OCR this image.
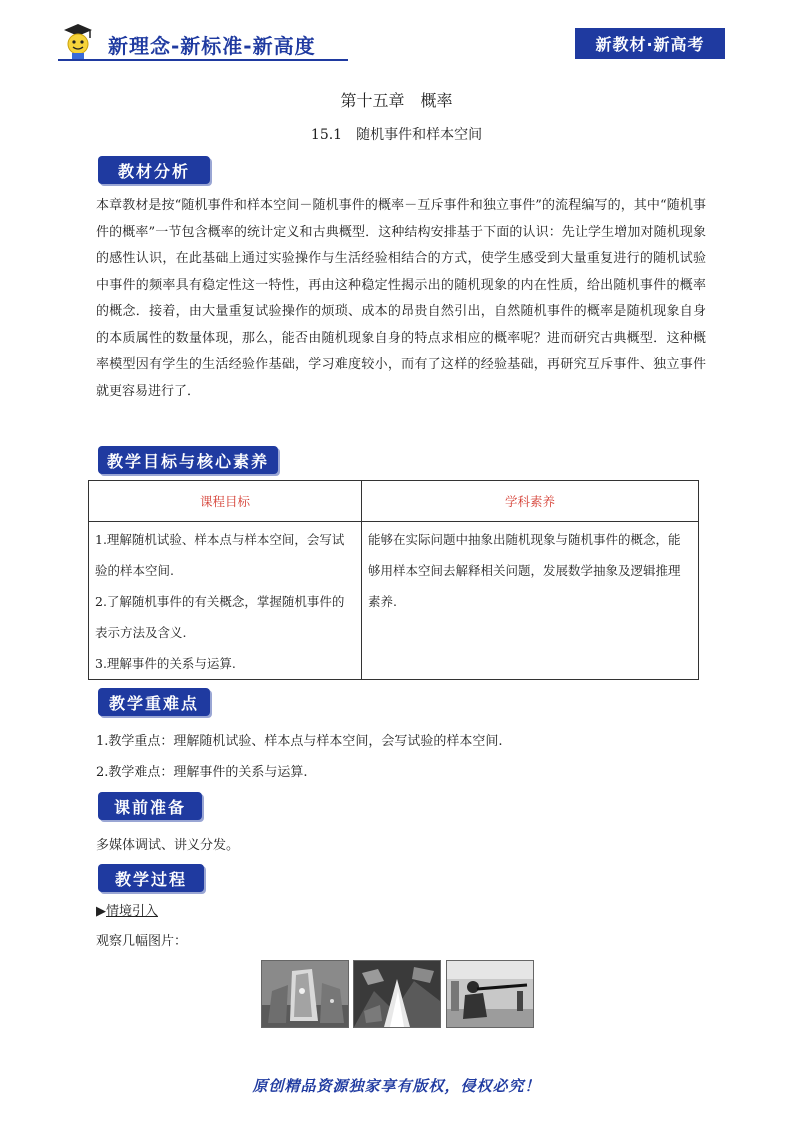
新理念-新标准-新高度	新教材·新高考
第十五章　概率
15.1　随机事件和样本空间
教材分析
本章教材是按“随机事件和样本空间－随机事件的概率－互斥事件和独立事件”的流程编写的，其中“随机事件的概率”一节包含概率的统计定义和古典概型．这种结构安排基于下面的认识：先让学生增加对随机现象的感性认识，在此基础上通过实验操作与生活经验相结合的方式，使学生感受到大量重复进行的随机试验中事件的频率具有稳定性这一特性，再由这种稳定性揭示出的随机现象的内在性质，给出随机事件的概率的概念．接着，由大量重复试验操作的烦琐、成本的昂贵自然引出，自然随机事件的概率是随机现象自身的本质属性的数量体现，那么，能否由随机现象自身的特点求相应的概率呢？进而研究古典概型．这种概率模型因有学生的生活经验作基础，学习难度较小，而有了这样的经验基础，再研究互斥事件、独立事件就更容易进行了．
教学目标与核心素养
课程目标	学科素养

1.理解随机试验、样本点与样本空间，会写试验的样本空间.
2.了解随机事件的有关概念，掌握随机事件的表示方法及含义.
3.理解事件的关系与运算.	能够在实际问题中抽象出随机现象与随机事件的概念，能够用样本空间去解释相关问题，发展数学抽象及逻辑推理素养.
教学重难点
1.教学重点：理解随机试验、样本点与样本空间，会写试验的样本空间.
2.教学难点：理解事件的关系与运算.
课前准备
多媒体调试、讲义分发。
教学过程
▶情境引入
观察几幅图片：
原创精品资源独家享有版权，侵权必究！
